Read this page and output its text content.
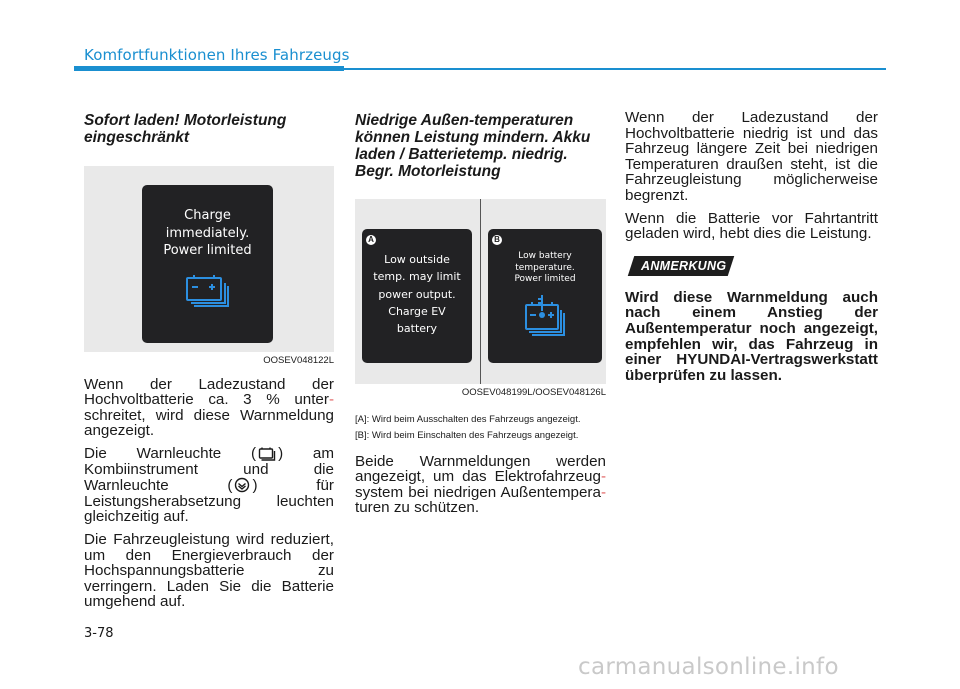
Komfortfunktionen Ihres Fahrzeugs
Sofort laden! Motorleistung eingeschränkt
Charge
immediately.
Power limited
OOSEV048122L

Wenn der Ladezustand der Hochvoltbatterie ca. 3 % unter- schreitet, wird diese Warnmeldung angezeigt.

Die Warnleuchte ( ) am Kombiinstrument und die Warnleuchte ( ) für Leistungsherabsetzung leuchten gleichzeitig auf.

Die Fahrzeugleistung wird reduziert, um den Energieverbrauch der Hochspannungsbatterie zu verringern. Laden Sie die Batterie umgehend auf.

Niedrige Außen-temperaturen können Leistung mindern. Akku laden / Batterietemp. niedrig. Begr. Motorleistung
A
Low outside
temp. may limit
power output.
Charge EV
battery
B
Low battery
temperature.
Power limited
OOSEV048199L/OOSEV048126L
[A]: Wird beim Ausschalten des Fahrzeugs angezeigt.
[B]: Wird beim Einschalten des Fahrzeugs angezeigt.

Beide Warnmeldungen werden angezeigt, um das Elektrofahrzeug- system bei niedrigen Außentempera- turen zu schützen.

Wenn der Ladezustand der Hochvoltbatterie niedrig ist und das Fahrzeug längere Zeit bei niedrigen Temperaturen draußen steht, ist die Fahrzeugleistung möglicherweise begrenzt.

Wenn die Batterie vor Fahrtantritt geladen wird, hebt dies die Leistung.

ANMERKUNG
Wird diese Warnmeldung auch nach einem Anstieg der Außentemperatur noch angezeigt, empfehlen wir, das Fahrzeug in einer HYUNDAI-Vertragswerkstatt überprüfen zu lassen.
3-78
carmanualsonline.info
